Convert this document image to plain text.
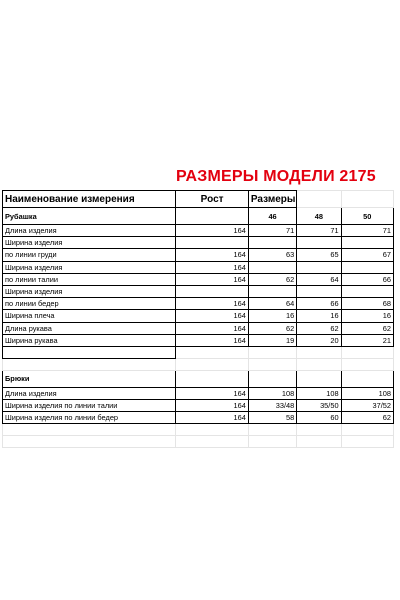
РАЗМЕРЫ МОДЕЛИ 2175
Наименование измерения	Рост	Размеры		
Рубашка		46	48	50
Длина изделия	164	71	71	71
Ширина изделия				
по линии груди	164	63	65	67
Ширина изделия	164			
по линии талии	164	62	64	66
Ширина изделия				
по линии бедер	164	64	66	68
Ширина плеча	164	16	16	16
Длина рукава	164	62	62	62
Ширина рукава	164	19	20	21

Брюки				
Длина изделия	164	108	108	108
Ширина изделия по линии талии	164	33/48	35/50	37/52
Ширина изделия по линии бедер	164	58	60	62
